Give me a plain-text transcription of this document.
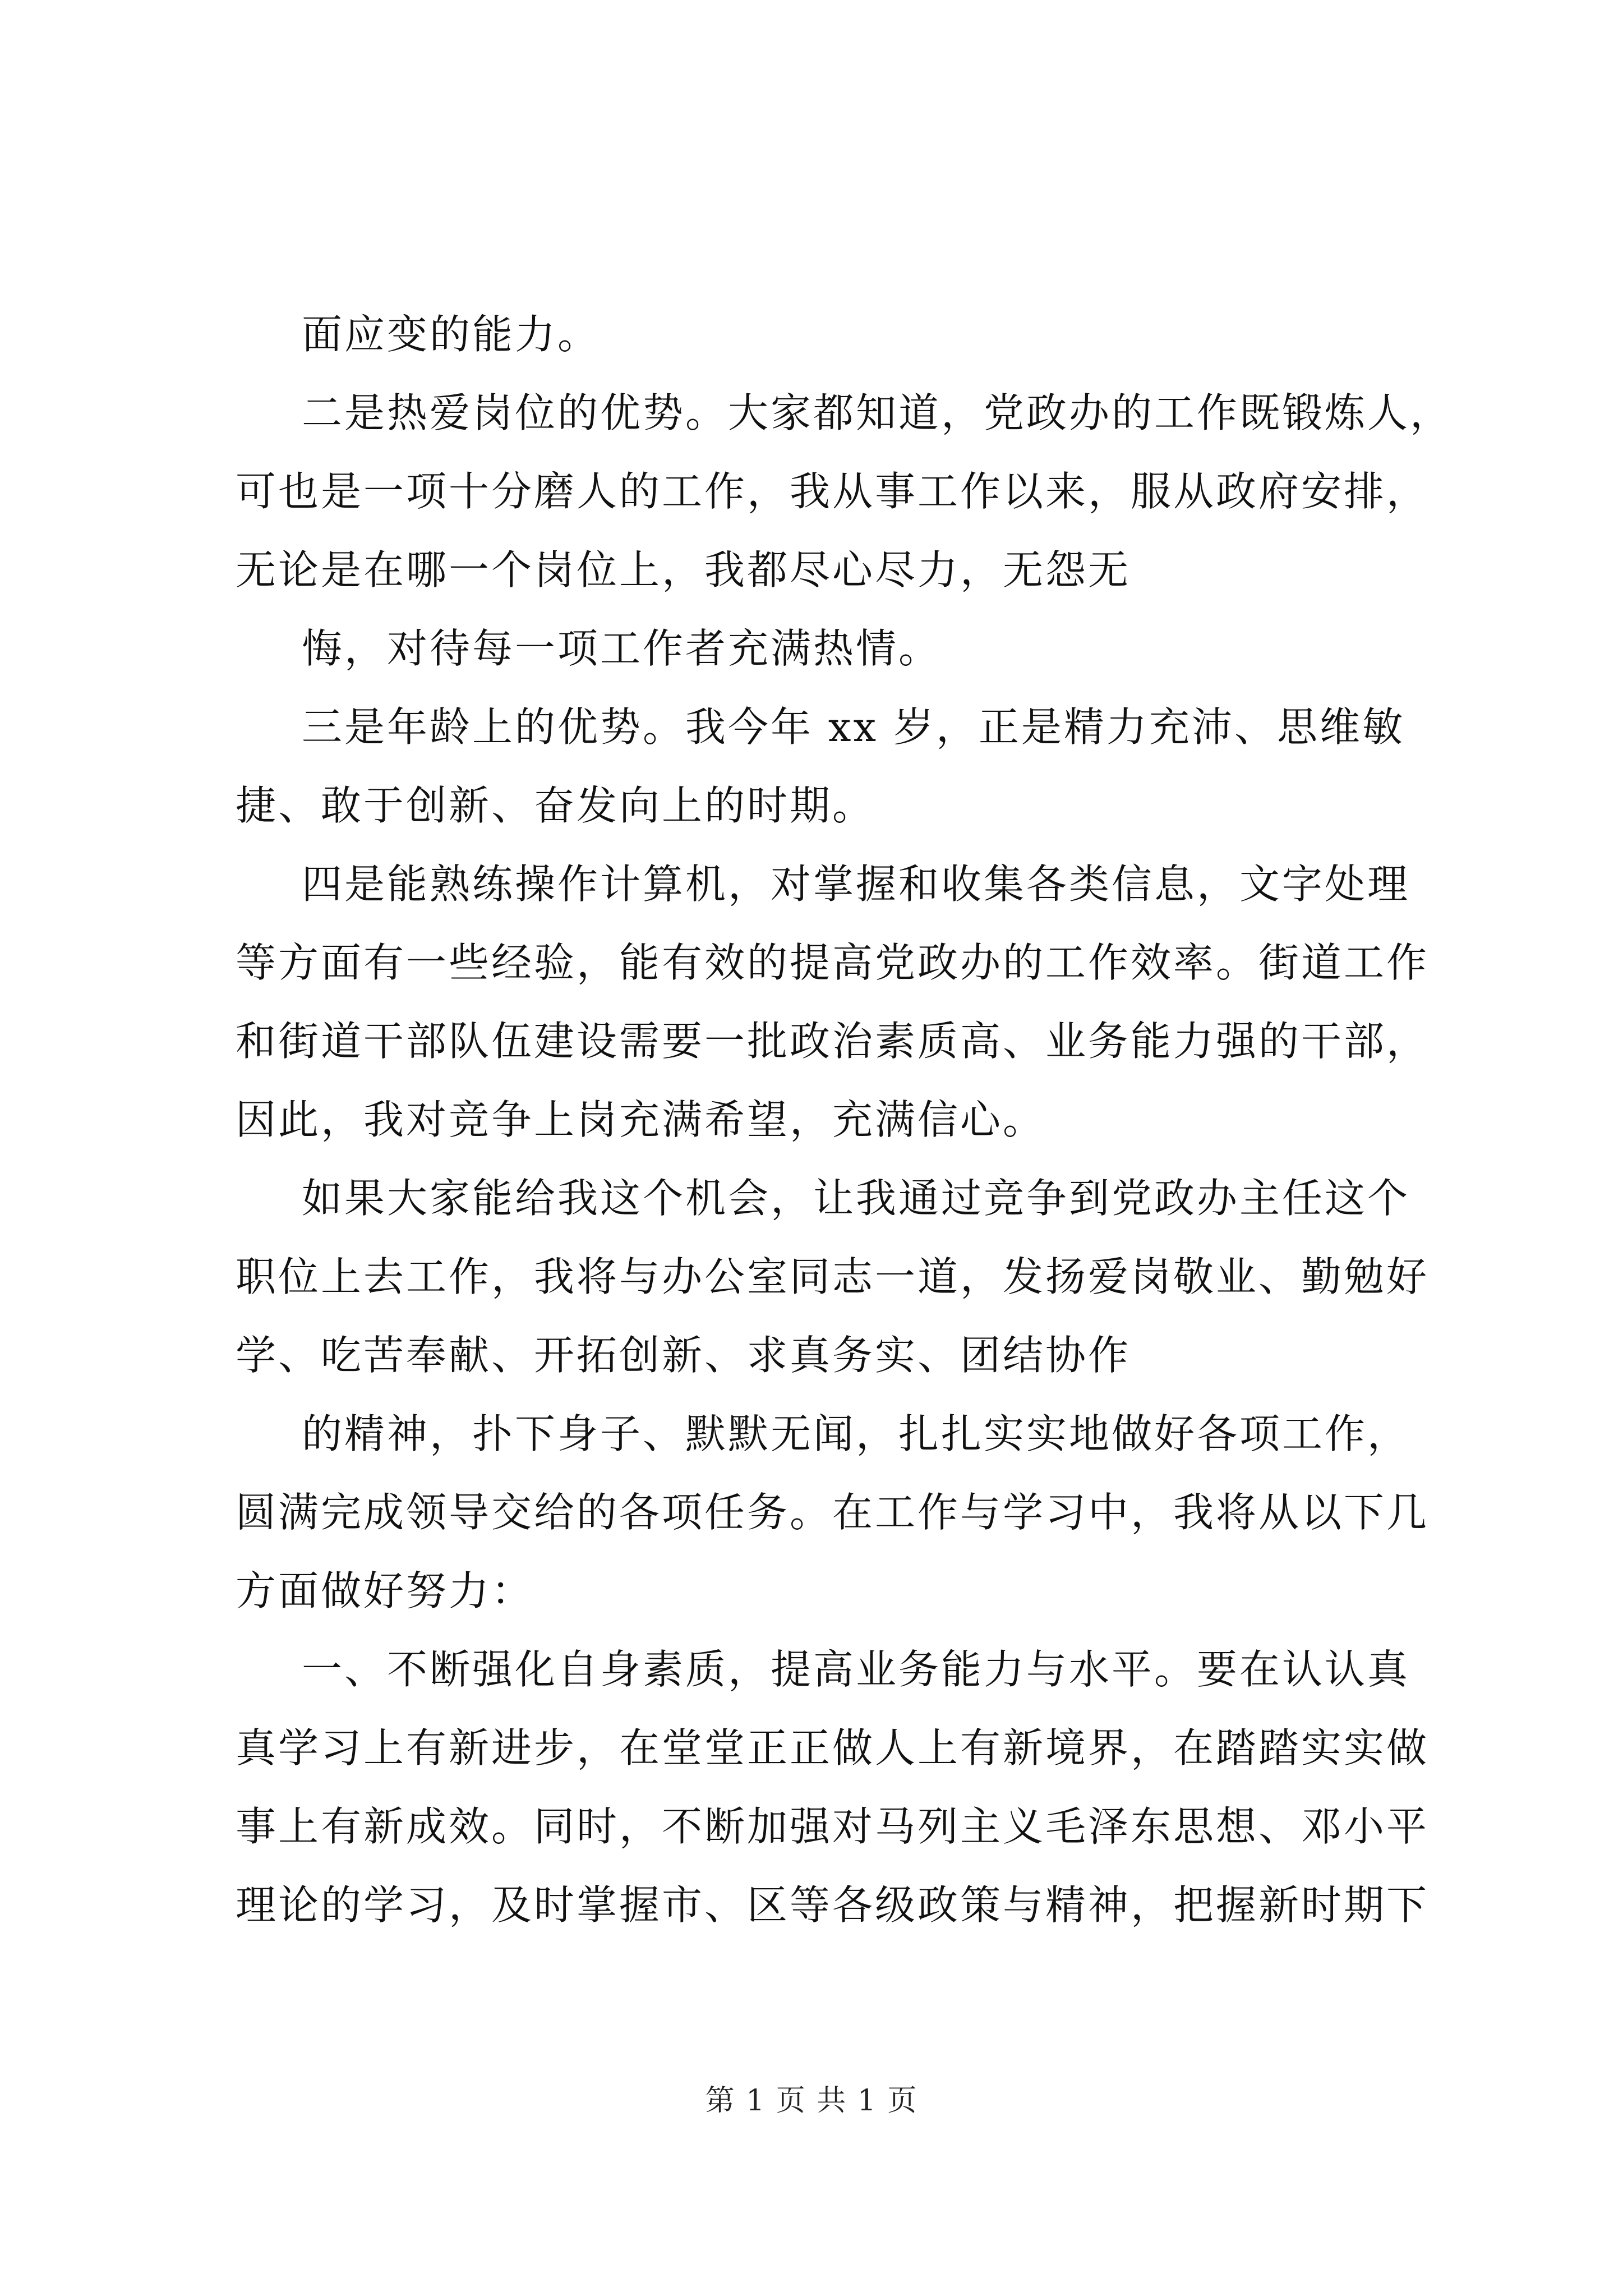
面应变的能力。
二是热爱岗位的优势。大家都知道，党政办的工作既锻炼人，
可也是一项十分磨人的工作，我从事工作以来，服从政府安排，
无论是在哪一个岗位上，我都尽心尽力，无怨无
悔，对待每一项工作者充满热情。
三是年龄上的优势。我今年 xx 岁，正是精力充沛、思维敏
捷、敢于创新、奋发向上的时期。
四是能熟练操作计算机，对掌握和收集各类信息，文字处理
等方面有一些经验，能有效的提高党政办的工作效率。街道工作
和街道干部队伍建设需要一批政治素质高、业务能力强的干部，
因此，我对竞争上岗充满希望，充满信心。
如果大家能给我这个机会，让我通过竞争到党政办主任这个
职位上去工作，我将与办公室同志一道，发扬爱岗敬业、勤勉好
学、吃苦奉献、开拓创新、求真务实、团结协作
的精神，扑下身子、默默无闻，扎扎实实地做好各项工作，
圆满完成领导交给的各项任务。在工作与学习中，我将从以下几
方面做好努力：
一、不断强化自身素质，提高业务能力与水平。要在认认真
真学习上有新进步，在堂堂正正做人上有新境界，在踏踏实实做
事上有新成效。同时，不断加强对马列主义毛泽东思想、邓小平
理论的学习，及时掌握市、区等各级政策与精神，把握新时期下
第 1 页 共 1 页
